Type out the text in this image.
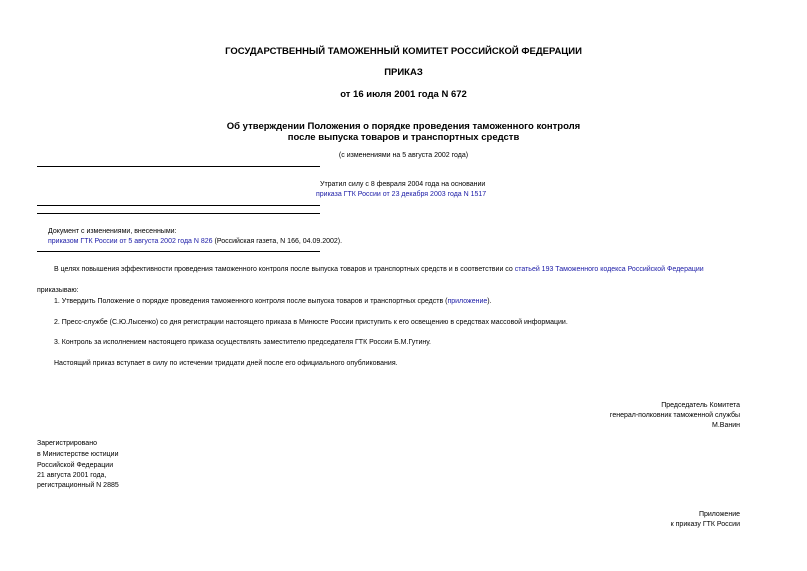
ГОСУДАРСТВЕННЫЙ ТАМОЖЕННЫЙ КОМИТЕТ РОССИЙСКОЙ ФЕДЕРАЦИИ
ПРИКАЗ
от 16 июля 2001 года N 672
Об утверждении Положения о порядке проведения таможенного контроля
после выпуска товаров и транспортных средств
(с изменениями на 5 августа 2002 года)
Утратил силу с 8 февраля 2004 года на основании
приказа ГТК России от 23 декабря 2003 года N 1517
Документ с изменениями, внесенными:
приказом ГТК России от 5 августа 2002 года N 826 (Российская газета, N 166, 04.09.2002).
В целях повышения эффективности проведения таможенного контроля после выпуска товаров и транспортных средств и в соответствии со статьей 193 Таможенного кодекса Российской Федерации
приказываю:
1. Утвердить Положение о порядке проведения таможенного контроля после выпуска товаров и транспортных средств (приложение).
2. Пресс-службе (С.Ю.Лысенко) со дня регистрации настоящего приказа в Минюсте России приступить к его освещению в средствах массовой информации.
3. Контроль за исполнением настоящего приказа осуществлять заместителю председателя ГТК России Б.М.Гутину.
Настоящий приказ вступает в силу по истечении тридцати дней после его официального опубликования.
Председатель Комитета
генерал-полковник таможенной службы
М.Ванин
Зарегистрировано
в Министерстве юстиции
Российской Федерации
21 августа 2001 года,
регистрационный N 2885
Приложение
к приказу ГТК России
